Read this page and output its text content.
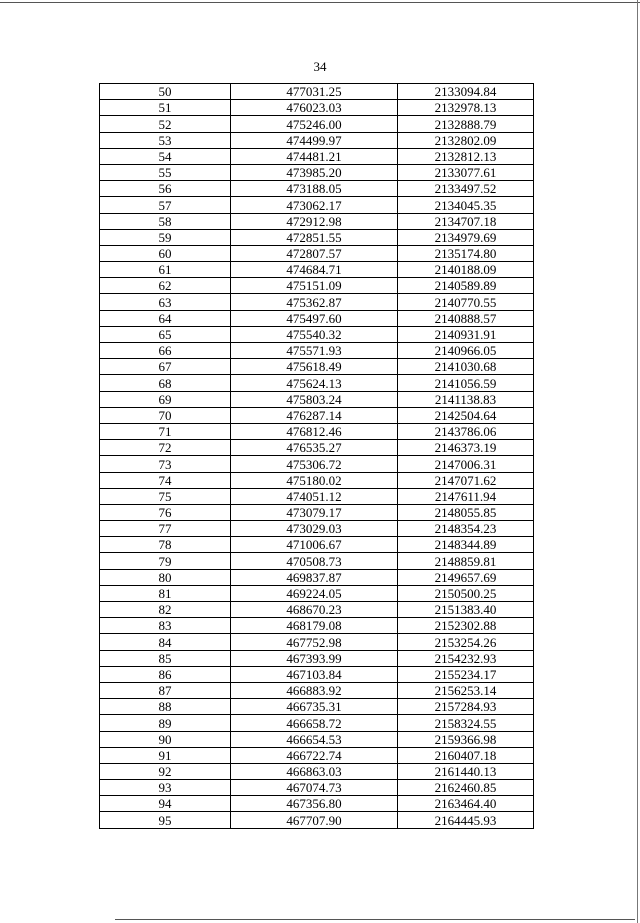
34
50	477031.25	2133094.84
51	476023.03	2132978.13
52	475246.00	2132888.79
53	474499.97	2132802.09
54	474481.21	2132812.13
55	473985.20	2133077.61
56	473188.05	2133497.52
57	473062.17	2134045.35
58	472912.98	2134707.18
59	472851.55	2134979.69
60	472807.57	2135174.80
61	474684.71	2140188.09
62	475151.09	2140589.89
63	475362.87	2140770.55
64	475497.60	2140888.57
65	475540.32	2140931.91
66	475571.93	2140966.05
67	475618.49	2141030.68
68	475624.13	2141056.59
69	475803.24	2141138.83
70	476287.14	2142504.64
71	476812.46	2143786.06
72	476535.27	2146373.19
73	475306.72	2147006.31
74	475180.02	2147071.62
75	474051.12	2147611.94
76	473079.17	2148055.85
77	473029.03	2148354.23
78	471006.67	2148344.89
79	470508.73	2148859.81
80	469837.87	2149657.69
81	469224.05	2150500.25
82	468670.23	2151383.40
83	468179.08	2152302.88
84	467752.98	2153254.26
85	467393.99	2154232.93
86	467103.84	2155234.17
87	466883.92	2156253.14
88	466735.31	2157284.93
89	466658.72	2158324.55
90	466654.53	2159366.98
91	466722.74	2160407.18
92	466863.03	2161440.13
93	467074.73	2162460.85
94	467356.80	2163464.40
95	467707.90	2164445.93
